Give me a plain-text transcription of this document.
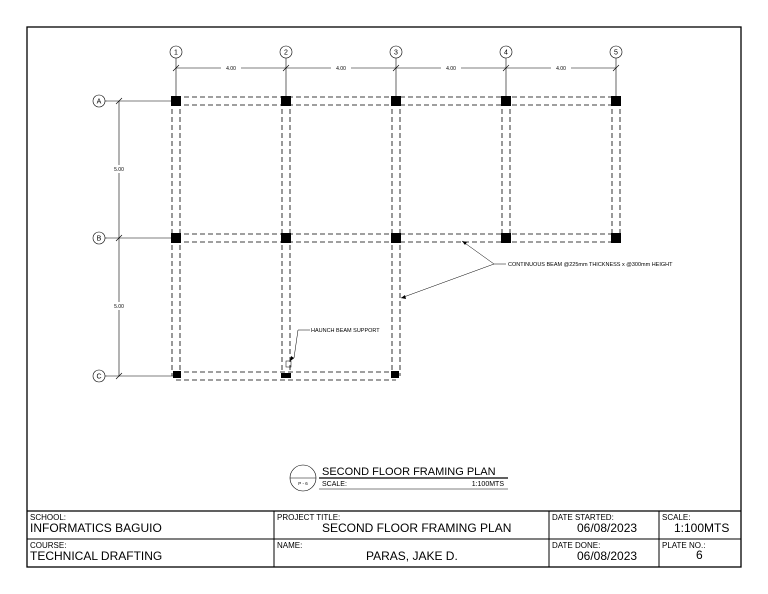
4.00	4.00	4.00	4.00
1	2	3	4	5
5.00
5.00
A
B
C
CONTINUOUS BEAM @225mm THICKNESS x @300mm HEIGHT
HAUNCH BEAM SUPPORT
P - 6
SECOND FLOOR FRAMING PLAN
SCALE:	1:100MTS
SCHOOL:
INFORMATICS BAGUIO
COURSE:
TECHNICAL DRAFTING
PROJECT TITLE:
SECOND FLOOR FRAMING PLAN
NAME:
PARAS, JAKE D.
DATE STARTED:
06/08/2023
DATE DONE:
06/08/2023
SCALE:
1:100MTS
PLATE NO.:
6
